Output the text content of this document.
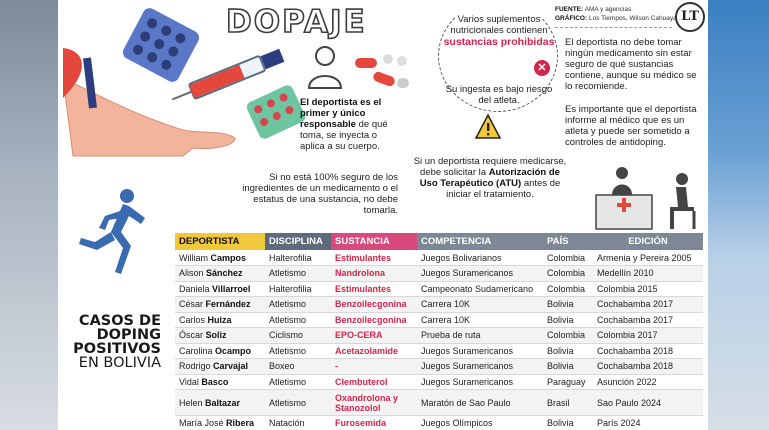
DOPAJE	FUENTE: AMA y agencias
GRÁFICO: Los Tiempos, Wilson Cahuaya LT
El deportista es el primer y único responsable de qué toma, se inyecta o aplica a su cuerpo.
Si no está 100% seguro de los ingredientes de un medicamento o el estatus de una sustancia, no debe tomarla.
Varios suplementos nutricionales contienen
sustancias prohibidas
✕
Su ingesta es bajo riesgo del atleta.
Si un deportista requiere medicarse, debe solicitar la Autorización de Uso Terapéutico (ATU) antes de iniciar el tratamiento.
El deportista no debe tomar ningún medicamento sin estar seguro de qué sustancias contiene, aunque su médico se lo recomiende.
Es importante que el deportista informe al médico que es un atleta y puede ser sometido a controles de antidoping.
CASOS DE
DOPING
POSITIVOS
EN BOLIVIA
DEPORTISTA	DISCIPLINA	SUSTANCIA	COMPETENCIA	PAÍS	EDICIÓN
William Campos	Halterofilia	Estimulantes	Juegos Bolivarianos	Colombia	Armenia y Pereira 2005
Alison Sánchez	Atletismo	Nandrolona	Juegos Suramericanos	Colombia	Medellín 2010
Daniela Villarroel	Halterofilia	Estimulantes	Campeonato Sudamericano	Colombia	Colombia 2015
César Fernández	Atletismo	Benzoilecgonina	Carrera 10K	Bolivia	Cochabamba 2017
Carlos Huiza	Atletismo	Benzoilecgonina	Carrera 10K	Bolivia	Cochabamba 2017
Óscar Soliz	Ciclismo	EPO-CERA	Prueba de ruta	Colombia	Colombia 2017
Carolina Ocampo	Atletismo	Acetazolamide	Juegos Suramericanos	Bolivia	Cochabamba 2018
Rodrigo Carvajal	Boxeo	-	Juegos Suramericanos	Bolivia	Cochabamba 2018
Vidal Basco	Atletismo	Clembuterol	Juegos Suramericanos	Paraguay	Asunción 2022
Helen Baltazar	Atletismo	Oxandrolona y Stanozolol	Maratón de Sao Paulo	Brasil	Sao Paulo 2024
María José Ribera	Natación	Furosemida	Juegos Olímpicos	Bolivia	París 2024
